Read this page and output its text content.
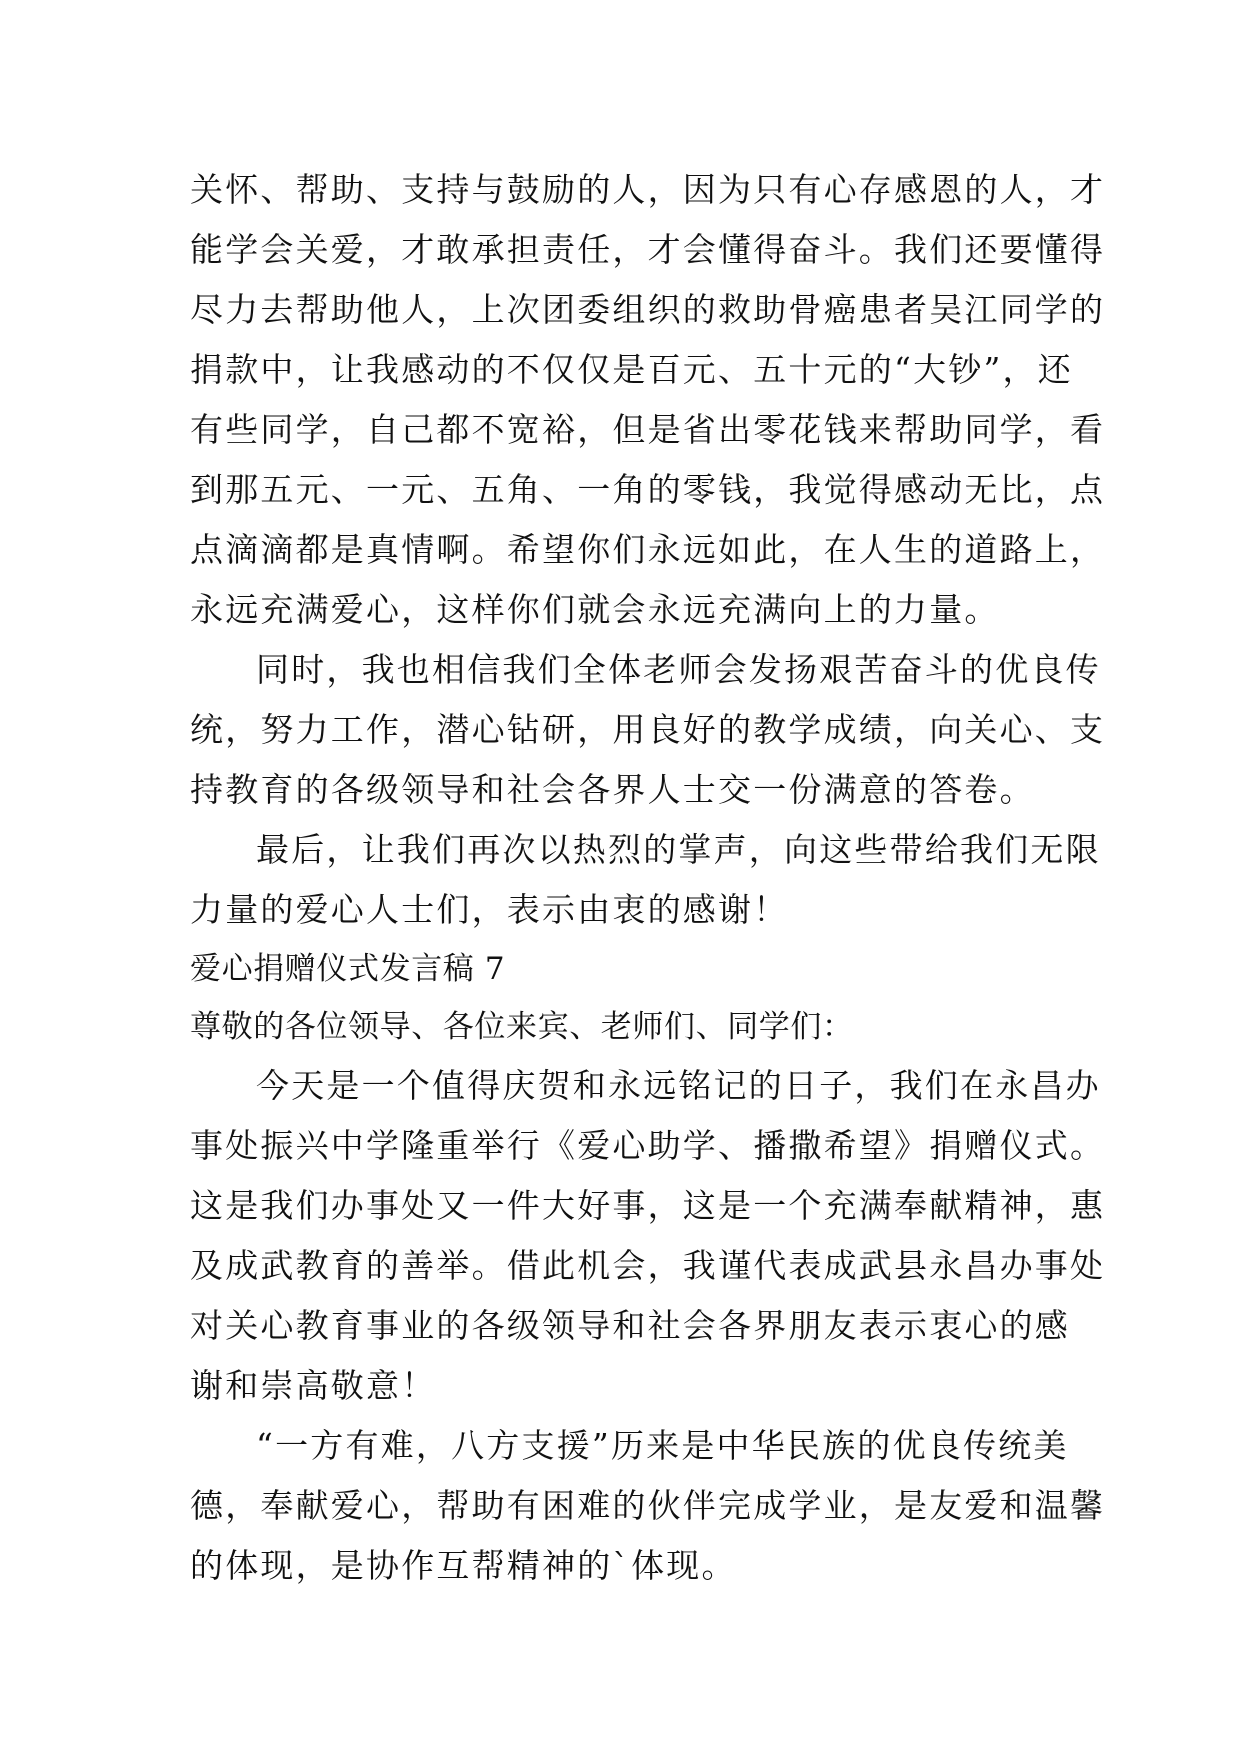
关怀、帮助、支持与鼓励的人，因为只有心存感恩的人，才
能学会关爱，才敢承担责任，才会懂得奋斗。我们还要懂得
尽力去帮助他人，上次团委组织的救助骨癌患者吴江同学的
捐款中，让我感动的不仅仅是百元、五十元的“大钞”，还
有些同学，自己都不宽裕，但是省出零花钱来帮助同学，看
到那五元、一元、五角、一角的零钱，我觉得感动无比，点
点滴滴都是真情啊。希望你们永远如此，在人生的道路上，
永远充满爱心，这样你们就会永远充满向上的力量。
同时，我也相信我们全体老师会发扬艰苦奋斗的优良传
统，努力工作，潜心钻研，用良好的教学成绩，向关心、支
持教育的各级领导和社会各界人士交一份满意的答卷。
最后，让我们再次以热烈的掌声，向这些带给我们无限
力量的爱心人士们，表示由衷的感谢！
爱心捐赠仪式发言稿 7
尊敬的各位领导、各位来宾、老师们、同学们：
今天是一个值得庆贺和永远铭记的日子，我们在永昌办
事处振兴中学隆重举行《爱心助学、播撒希望》捐赠仪式。
这是我们办事处又一件大好事，这是一个充满奉献精神，惠
及成武教育的善举。借此机会，我谨代表成武县永昌办事处
对关心教育事业的各级领导和社会各界朋友表示衷心的感
谢和崇高敬意！
“一方有难，八方支援”历来是中华民族的优良传统美
德，奉献爱心，帮助有困难的伙伴完成学业，是友爱和温馨
的体现，是协作互帮精神的`体现。
